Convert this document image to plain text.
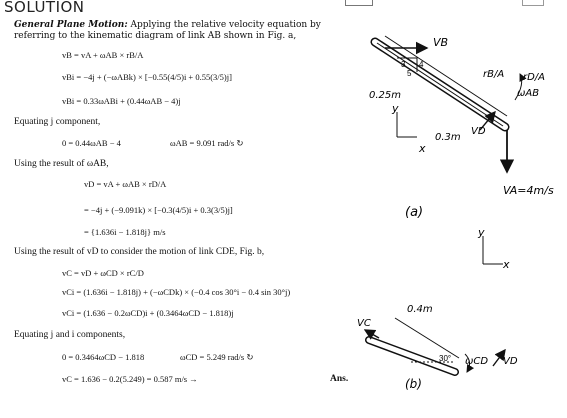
SOLUTION
General Plane Motion: Applying the relative velocity equation by referring to the kinematic diagram of link AB shown in Fig. a,
vB = vA + ωAB × rB/A
vBi = −4j + (−ωABk) × [−0.55(4/5)i + 0.55(3/5)j]
vBi = 0.33ωABi + (0.44ωAB − 4)j
Equating j component,
0 = 0.44ωAB − 4	ωAB = 9.091 rad/s ↻
Using the result of ωAB,
vD = vA + ωAB × rD/A
= −4j + (−9.091k) × [−0.3(4/5)i + 0.3(3/5)j]
= {1.636i − 1.818j} m/s
Using the result of vD to consider the motion of link CDE, Fig. b,
vC = vD + ωCD × rC/D
vCi = (1.636i − 1.818j) + (−ωCDk) × (−0.4 cos 30°i − 0.4 sin 30°j)
vCi = (1.636 − 0.2ωCD)i + (0.3464ωCD − 1.818)j
Equating j and i components,
0 = 0.3464ωCD − 1.818	ωCD = 5.249 rad/s ↻
vC = 1.636 − 0.2(5.249) = 0.587 m/s →	Ans.
3 4
5
VB
rB/A rD/A
ωAB
0.25m
y
x
0.3m
VD
VA=4m/s
(a)
y
x
0.4m
VC
30° ωCD VD
(b)
